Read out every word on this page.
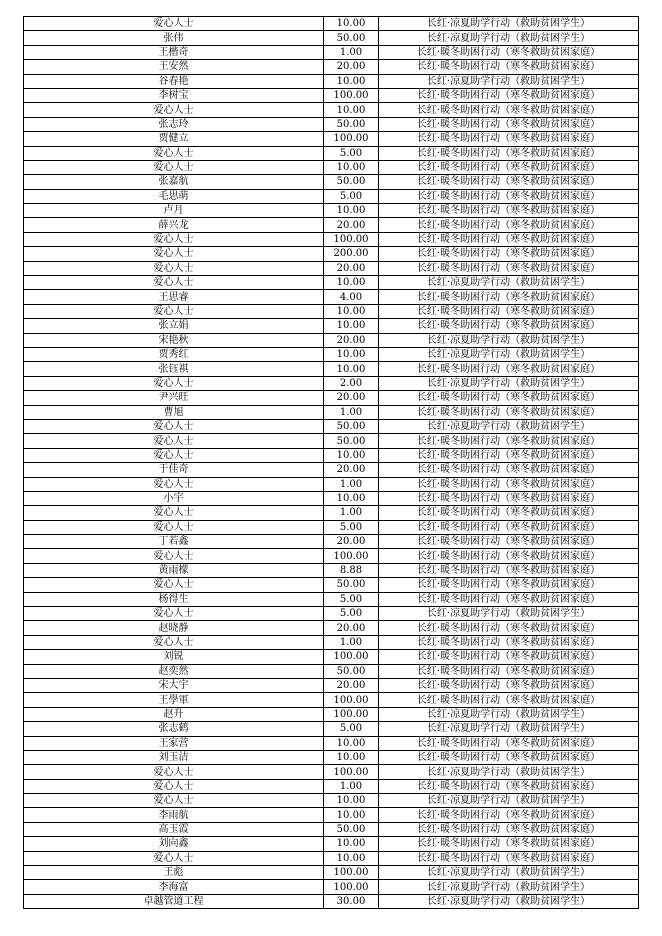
爱心人士	10.00	长红·凉夏助学行动（救助贫困学生）
张伟	50.00	长红·凉夏助学行动（救助贫困学生）
王楷奇	1.00	长红·暖冬助困行动（寒冬救助贫困家庭）
王安然	20.00	长红·暖冬助困行动（寒冬救助贫困家庭）
谷春艳	10.00	长红·凉夏助学行动（救助贫困学生）
李树宝	100.00	长红·暖冬助困行动（寒冬救助贫困家庭）
爱心人士	10.00	长红·暖冬助困行动（寒冬救助贫困家庭）
张志玲	50.00	长红·暖冬助困行动（寒冬救助贫困家庭）
贾健立	100.00	长红·暖冬助困行动（寒冬救助贫困家庭）
爱心人士	5.00	长红·暖冬助困行动（寒冬救助贫困家庭）
爱心人士	10.00	长红·暖冬助困行动（寒冬救助贫困家庭）
张嘉航	50.00	长红·暖冬助困行动（寒冬救助贫困家庭）
毛思萌	5.00	长红·暖冬助困行动（寒冬救助贫困家庭）
卢月	10.00	长红·暖冬助困行动（寒冬救助贫困家庭）
薛兴龙	20.00	长红·暖冬助困行动（寒冬救助贫困家庭）
爱心人士	100.00	长红·暖冬助困行动（寒冬救助贫困家庭）
爱心人士	200.00	长红·暖冬助困行动（寒冬救助贫困家庭）
爱心人士	20.00	长红·暖冬助困行动（寒冬救助贫困家庭）
爱心人士	10.00	长红·凉夏助学行动（救助贫困学生）
王思睿	4.00	长红·暖冬助困行动（寒冬救助贫困家庭）
爱心人士	10.00	长红·暖冬助困行动（寒冬救助贫困家庭）
张立娟	10.00	长红·暖冬助困行动（寒冬救助贫困家庭）
宋艳秋	20.00	长红·凉夏助学行动（救助贫困学生）
贾秀红	10.00	长红·凉夏助学行动（救助贫困学生）
张钰祺	10.00	长红·暖冬助困行动（寒冬救助贫困家庭）
爱心人士	2.00	长红·凉夏助学行动（救助贫困学生）
尹兴旺	20.00	长红·暖冬助困行动（寒冬救助贫困家庭）
曹旭	1.00	长红·暖冬助困行动（寒冬救助贫困家庭）
爱心人士	50.00	长红·凉夏助学行动（救助贫困学生）
爱心人士	50.00	长红·暖冬助困行动（寒冬救助贫困家庭）
爱心人士	10.00	长红·暖冬助困行动（寒冬救助贫困家庭）
于佳奇	20.00	长红·暖冬助困行动（寒冬救助贫困家庭）
爱心人士	1.00	长红·暖冬助困行动（寒冬救助贫困家庭）
小宇	10.00	长红·暖冬助困行动（寒冬救助贫困家庭）
爱心人士	1.00	长红·暖冬助困行动（寒冬救助贫困家庭）
爱心人士	5.00	长红·暖冬助困行动（寒冬救助贫困家庭）
丁若鑫	20.00	长红·暖冬助困行动（寒冬救助贫困家庭）
爱心人士	100.00	长红·暖冬助困行动（寒冬救助贫困家庭）
黄雨檬	8.88	长红·暖冬助困行动（寒冬救助贫困家庭）
爱心人士	50.00	长红·暖冬助困行动（寒冬救助贫困家庭）
杨得生	5.00	长红·暖冬助困行动（寒冬救助贫困家庭）
爱心人士	5.00	长红·凉夏助学行动（救助贫困学生）
赵晓静	20.00	长红·暖冬助困行动（寒冬救助贫困家庭）
爱心人士	1.00	长红·暖冬助困行动（寒冬救助贫困家庭）
刘锐	100.00	长红·暖冬助困行动（寒冬救助贫困家庭）
赵奕然	50.00	长红·暖冬助困行动（寒冬救助贫困家庭）
宋大宇	20.00	长红·暖冬助困行动（寒冬救助贫困家庭）
王學軍	100.00	长红·暖冬助困行动（寒冬救助贫困家庭）
赵升	100.00	长红·凉夏助学行动（救助贫困学生）
张志鹤	5.00	长红·凉夏助学行动（救助贫困学生）
王家营	10.00	长红·暖冬助困行动（寒冬救助贫困家庭）
刘玉洁	10.00	长红·暖冬助困行动（寒冬救助贫困家庭）
爱心人士	100.00	长红·凉夏助学行动（救助贫困学生）
爱心人士	1.00	长红·暖冬助困行动（寒冬救助贫困家庭）
爱心人士	10.00	长红·凉夏助学行动（救助贫困学生）
李雨航	10.00	长红·暖冬助困行动（寒冬救助贫困家庭）
高玉霞	50.00	长红·暖冬助困行动（寒冬救助贫困家庭）
刘向鑫	10.00	长红·暖冬助困行动（寒冬救助贫困家庭）
爱心人士	10.00	长红·暖冬助困行动（寒冬救助贫困家庭）
王彪	100.00	长红·凉夏助学行动（救助贫困学生）
李海富	100.00	长红·凉夏助学行动（救助贫困学生）
卓越管道工程	30.00	长红·凉夏助学行动（救助贫困学生）
